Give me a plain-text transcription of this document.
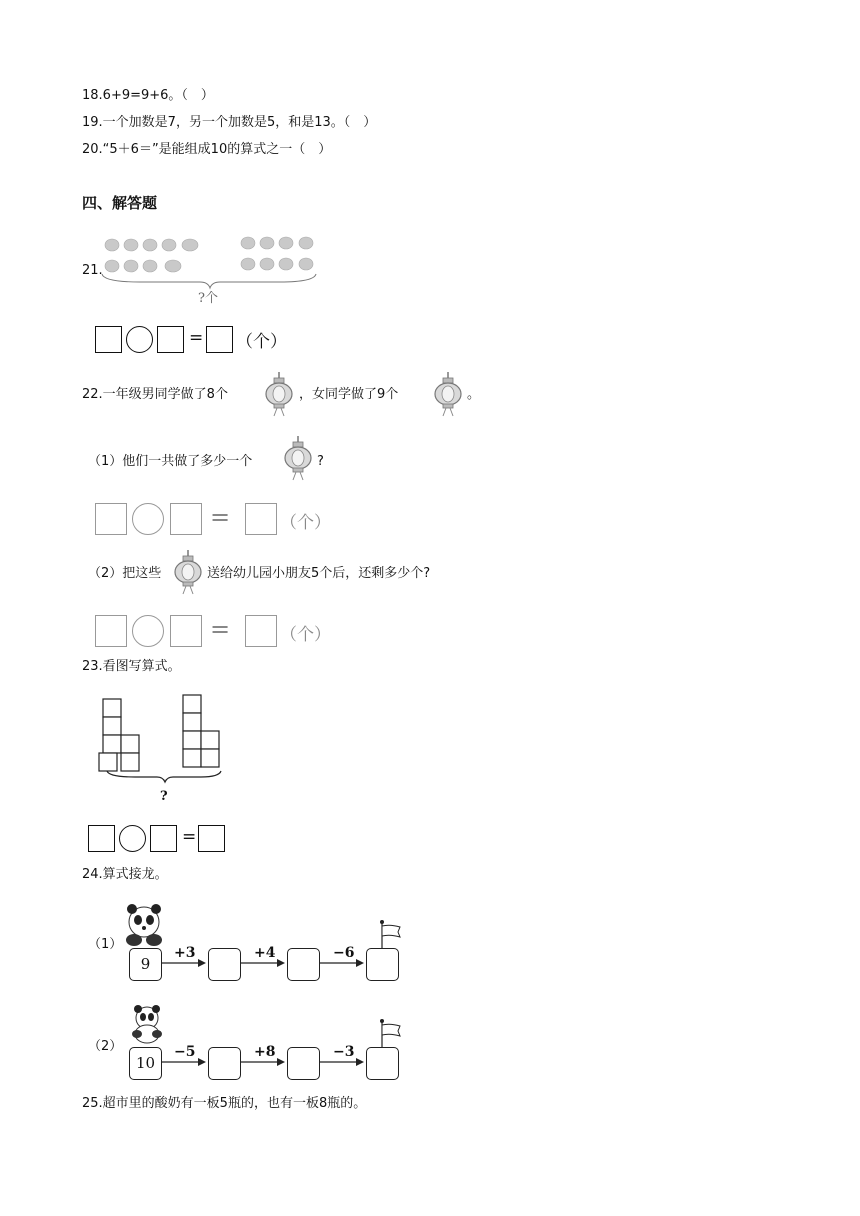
18.6+9=9+6。（　）
19.一个加数是7，另一个加数是5，和是13。（　）
20.“5＋6＝”是能组成10的算式之一（　）
四、解答题
21.
?个
= （个）
22.一年级男同学做了8个	，女同学做了9个	。
（1）他们一共做了多少一个	?
=	（个）
（2）把这些	送给幼儿园小朋友5个后，还剩多少个?
=	（个）
23.看图写算式。
?
=
24.算式接龙。
（1）
9
+3	+4	−6
（2）
10
−5	+8	−3
25.超市里的酸奶有一板5瓶的，也有一板8瓶的。
